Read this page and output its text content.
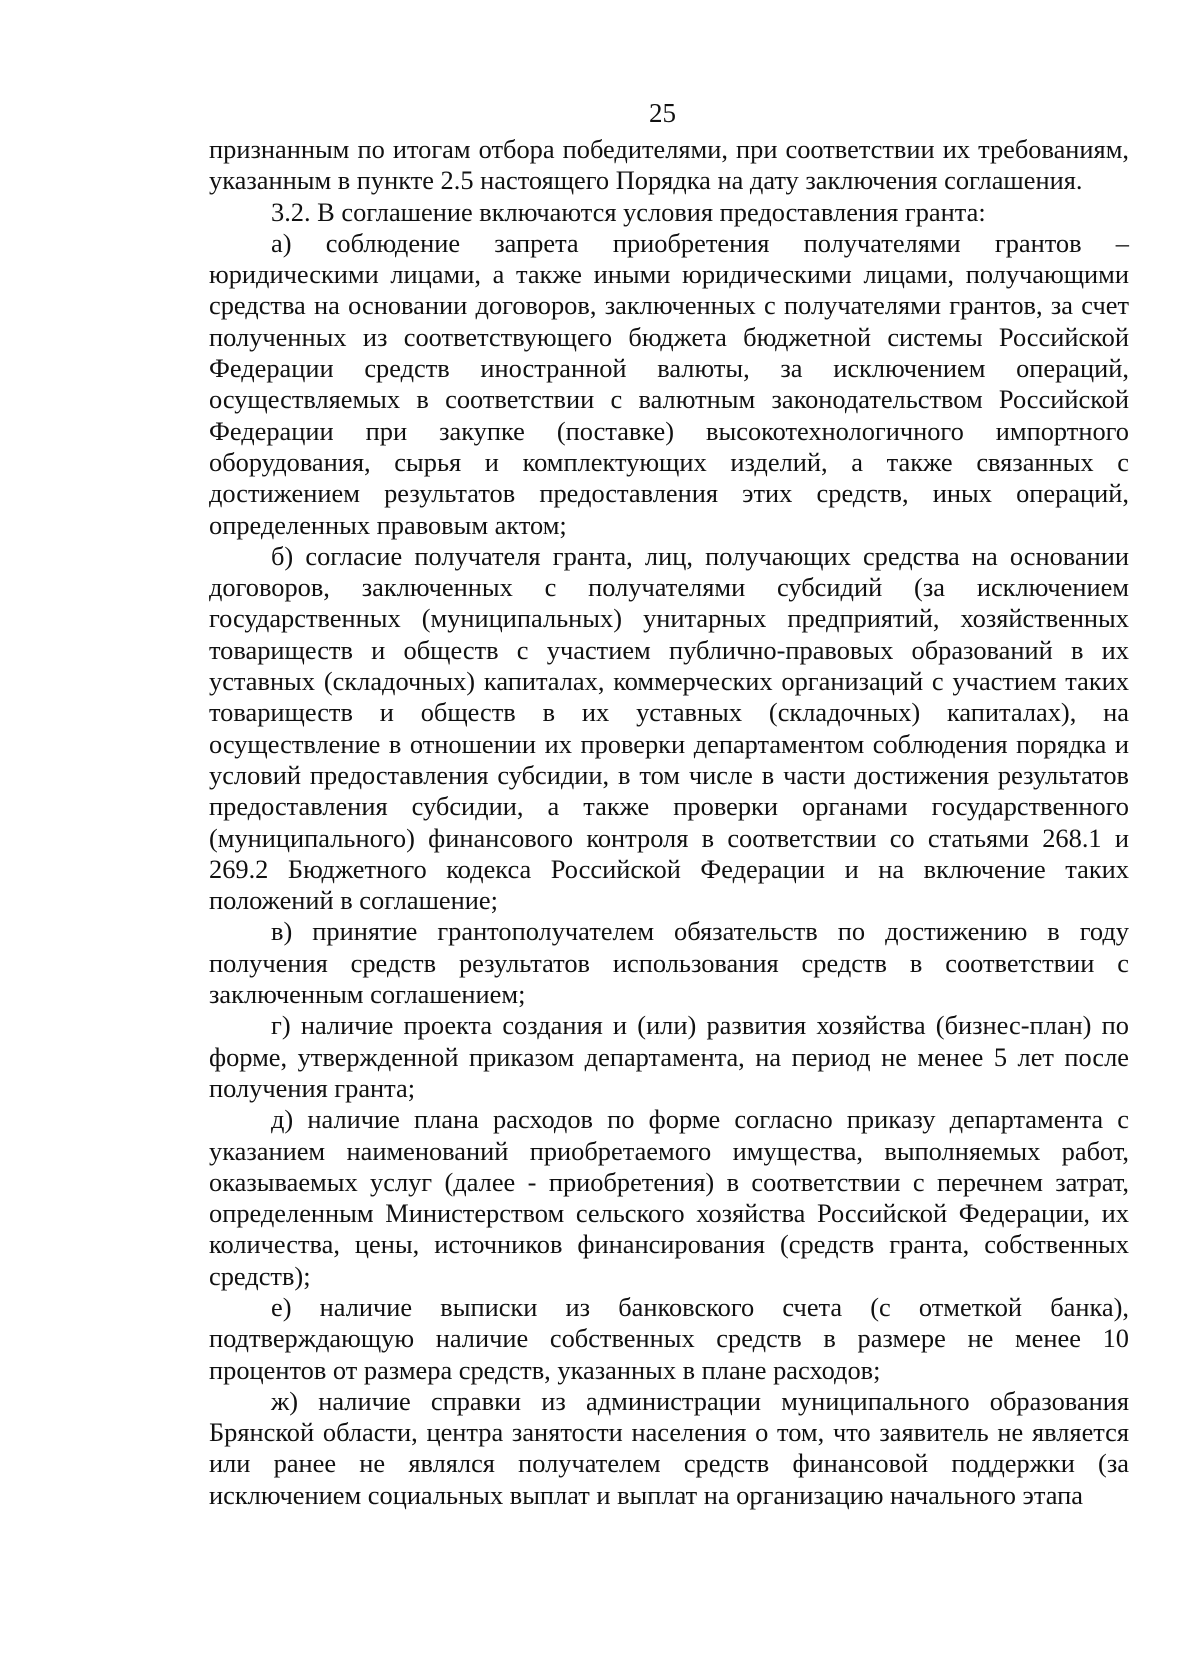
25

признанным по итогам отбора победителями, при соответствии их требованиям, указанным в пункте 2.5 настоящего Порядка на дату заключения соглашения.

3.2. В соглашение включаются условия предоставления гранта:

а) соблюдение запрета приобретения получателями грантов – юридическими лицами, а также иными юридическими лицами, получающими средства на основании договоров, заключенных с получателями грантов, за счет полученных из соответствующего бюджета бюджетной системы Российской Федерации средств иностранной валюты, за исключением операций, осуществляемых в соответствии с валютным законодательством Российской Федерации при закупке (поставке) высокотехнологичного импортного оборудования, сырья и комплектующих изделий, а также связанных с достижением результатов предоставления этих средств, иных операций, определенных правовым актом;

б) согласие получателя гранта, лиц, получающих средства на основании договоров, заключенных с получателями субсидий (за исключением государственных (муниципальных) унитарных предприятий, хозяйственных товариществ и обществ с участием публично-правовых образований в их уставных (складочных) капиталах, коммерческих организаций с участием таких товариществ и обществ в их уставных (складочных) капиталах), на осуществление в отношении их проверки департаментом соблюдения порядка и условий предоставления субсидии, в том числе в части достижения результатов предоставления субсидии, а также проверки органами государственного (муниципального) финансового контроля в соответствии со статьями 268.1 и 269.2 Бюджетного кодекса Российской Федерации и на включение таких положений в соглашение;

в) принятие грантополучателем обязательств по достижению в году получения средств результатов использования средств в соответствии с заключенным соглашением;

г) наличие проекта создания и (или) развития хозяйства (бизнес-план) по форме, утвержденной приказом департамента, на период не менее 5 лет после получения гранта;

д) наличие плана расходов по форме согласно приказу департамента с указанием наименований приобретаемого имущества, выполняемых работ, оказываемых услуг (далее - приобретения) в соответствии с перечнем затрат, определенным Министерством сельского хозяйства Российской Федерации, их количества, цены, источников финансирования (средств гранта, собственных средств);

е) наличие выписки из банковского счета (с отметкой банка), подтверждающую наличие собственных средств в размере не менее 10 процентов от размера средств, указанных в плане расходов;

ж) наличие справки из администрации муниципального образования Брянской области, центра занятости населения о том, что заявитель не является или ранее не являлся получателем средств финансовой поддержки (за исключением социальных выплат и выплат на организацию начального этапа
